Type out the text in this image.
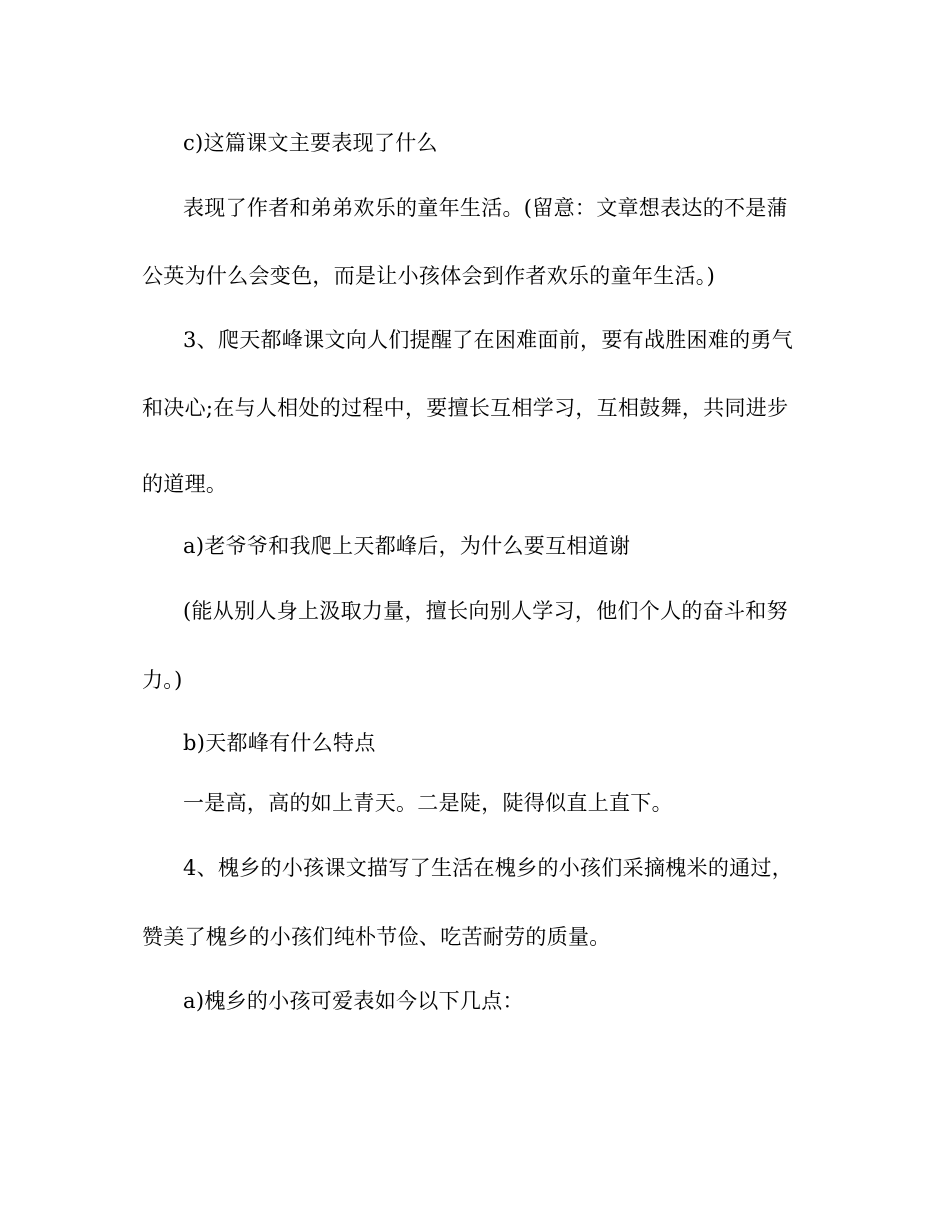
c)这篇课文主要表现了什么
表现了作者和弟弟欢乐的童年生活。(留意：文章想表达的不是蒲
公英为什么会变色，而是让小孩体会到作者欢乐的童年生活。)
3、爬天都峰课文向人们提醒了在困难面前，要有战胜困难的勇气
和决心;在与人相处的过程中，要擅长互相学习，互相鼓舞，共同进步
的道理。
a)老爷爷和我爬上天都峰后，为什么要互相道谢
(能从别人身上汲取力量，擅长向别人学习，他们个人的奋斗和努
力。)
b)天都峰有什么特点
一是高，高的如上青天。二是陡，陡得似直上直下。
4、槐乡的小孩课文描写了生活在槐乡的小孩们采摘槐米的通过，
赞美了槐乡的小孩们纯朴节俭、吃苦耐劳的质量。
a)槐乡的小孩可爱表如今以下几点：
